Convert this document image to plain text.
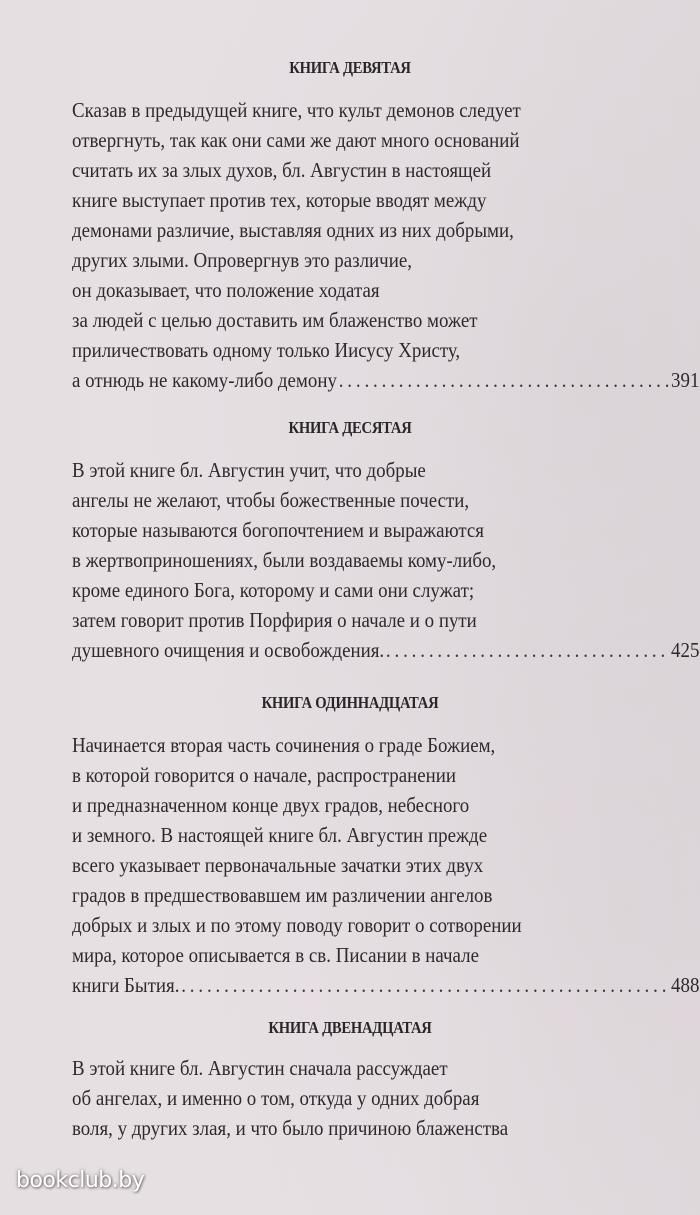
КНИГА ДЕВЯТАЯ
Сказав в предыдущей книге, что культ демонов следует
отвергнуть, так как они сами же дают много оснований
считать их за злых духов, бл. Августин в настоящей
книге выступает против тех, которые вводят между
демонами различие, выставляя одних из них добрыми,
других злыми. Опровергнув это различие,
он доказывает, что положение ходатая
за людей с целью доставить им блаженство может
приличествовать одному только Иисусу Христу,
а отнюдь не какому-либо демону . . .	391
КНИГА ДЕСЯТАЯ
В этой книге бл. Августин учит, что добрые
ангелы не желают, чтобы божественные почести,
которые называются богопочтением и выражаются
в жертвоприношениях, были воздаваемы кому-либо,
кроме единого Бога, которому и сами они служат;
затем говорит против Порфирия о начале и о пути
душевного очищения и освобождения. . . .	425
КНИГА ОДИННАДЦАТАЯ
Начинается вторая часть сочинения о граде Божием,
в которой говорится о начале, распространении
и предназначенном конце двух градов, небесного
и земного. В настоящей книге бл. Августин прежде
всего указывает первоначальные зачатки этих двух
градов в предшествовавшем им различении ангелов
добрых и злых и по этому поводу говорит о сотворении
мира, которое описывается в св. Писании в начале
книги Бытия. . . .	488
КНИГА ДВЕНАДЦАТАЯ
В этой книге бл. Августин сначала рассуждает
об ангелах, и именно о том, откуда у одних добрая
воля, у других злая, и что было причиною блаженства
bookclub.by
